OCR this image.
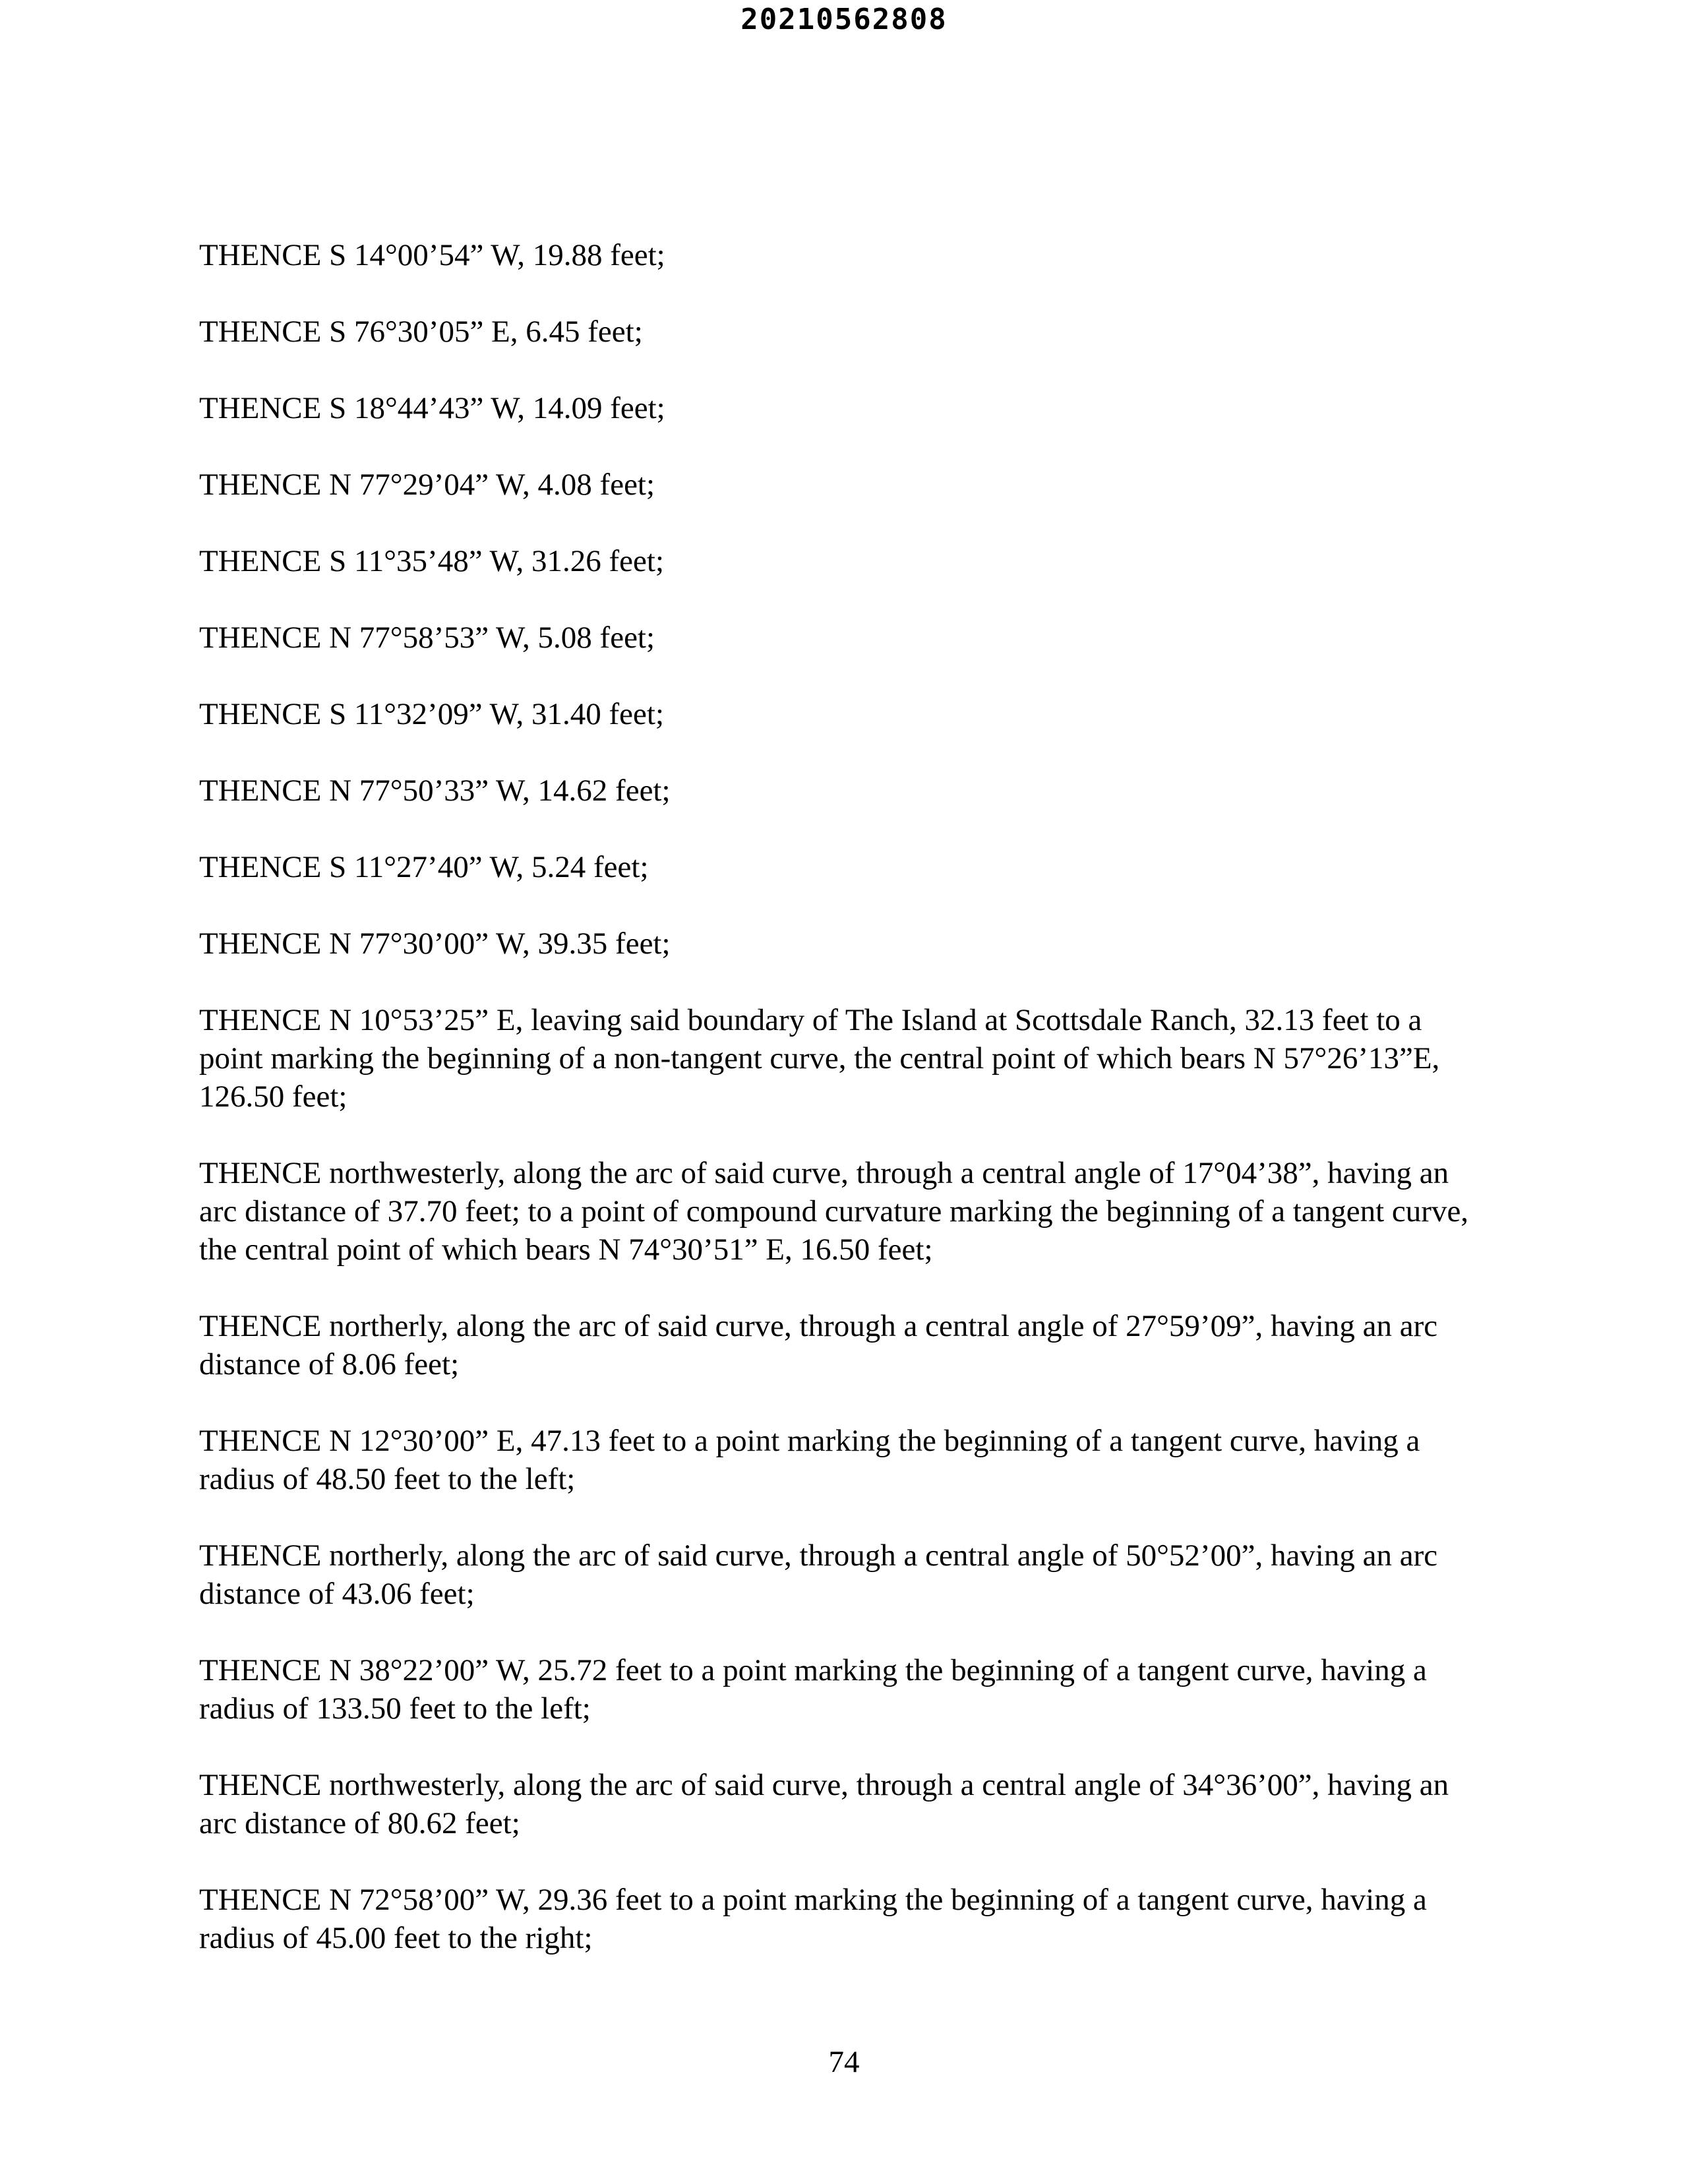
20210562808

THENCE S 14°00’54” W, 19.88 feet;

THENCE S 76°30’05” E, 6.45 feet;

THENCE S 18°44’43” W, 14.09 feet;

THENCE N 77°29’04” W, 4.08 feet;

THENCE S 11°35’48” W, 31.26 feet;

THENCE N 77°58’53” W, 5.08 feet;

THENCE S 11°32’09” W, 31.40 feet;

THENCE N 77°50’33” W, 14.62 feet;

THENCE S 11°27’40” W, 5.24 feet;

THENCE N 77°30’00” W, 39.35 feet;

THENCE N 10°53’25” E, leaving said boundary of The Island at Scottsdale Ranch, 32.13 feet to a point marking the beginning of a non-tangent curve, the central point of which bears N 57°26’13”E, 126.50 feet;

THENCE northwesterly, along the arc of said curve, through a central angle of 17°04’38”, having an arc distance of 37.70 feet; to a point of compound curvature marking the beginning of a tangent curve, the central point of which bears N 74°30’51” E, 16.50 feet;

THENCE northerly, along the arc of said curve, through a central angle of 27°59’09”, having an arc distance of 8.06 feet;

THENCE N 12°30’00” E, 47.13 feet to a point marking the beginning of a tangent curve, having a radius of 48.50 feet to the left;

THENCE northerly, along the arc of said curve, through a central angle of 50°52’00”, having an arc distance of 43.06 feet;

THENCE N 38°22’00” W, 25.72 feet to a point marking the beginning of a tangent curve, having a radius of 133.50 feet to the left;

THENCE northwesterly, along the arc of said curve, through a central angle of 34°36’00”, having an arc distance of 80.62 feet;

THENCE N 72°58’00” W, 29.36 feet to a point marking the beginning of a tangent curve, having a radius of 45.00 feet to the right;

74
